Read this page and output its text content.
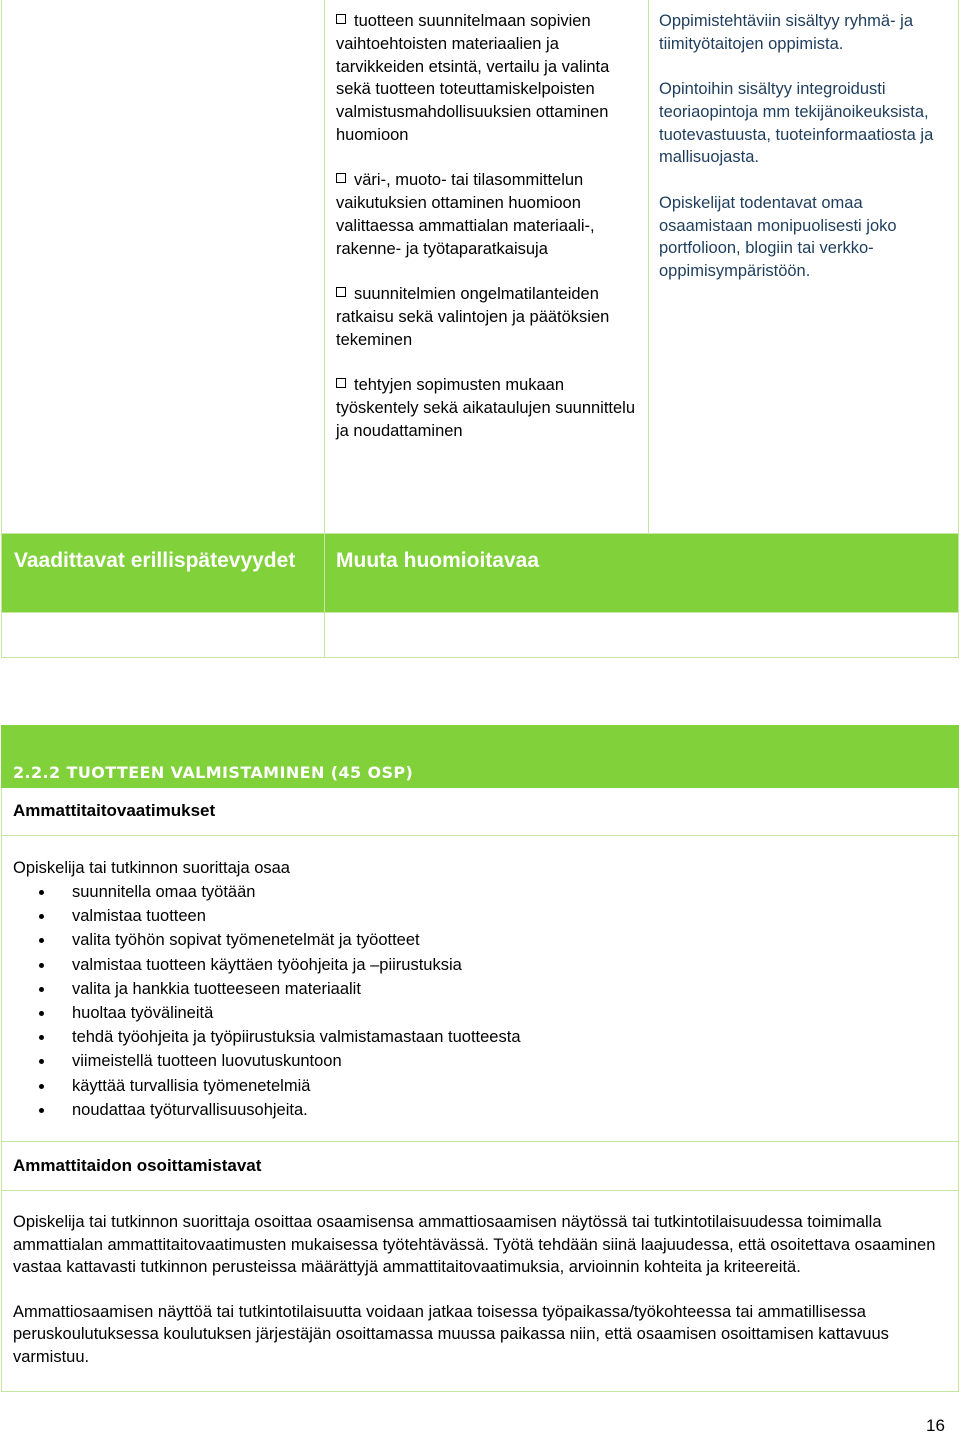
tuotteen suunnitelmaan sopivien vaihtoehtoisten materiaalien ja tarvikkeiden etsintä, vertailu ja valinta sekä tuotteen toteuttamiskelpoisten valmistusmahdollisuuksien ottaminen huomioon

väri-, muoto- tai tilasommittelun vaikutuksien ottaminen huomioon valittaessa ammattialan materiaali-, rakenne- ja työtaparatkaisuja

suunnitelmien ongelmatilanteiden ratkaisu sekä valintojen ja päätöksien tekeminen

tehtyjen sopimusten mukaan työskentely sekä aikataulujen suunnittelu ja noudattaminen

Oppimistehtäviin sisältyy ryhmä- ja tiimityötaitojen oppimista.

Opintoihin sisältyy integroidusti teoriaopintoja mm tekijänoikeuksista, tuotevastuusta, tuoteinformaatiosta ja mallisuojasta.

Opiskelijat todentavat omaa osaamistaan monipuolisesti joko portfolioon, blogiin tai verkko-oppimisympäristöön.

Vaadittavat erillispätevyydet	Muuta huomioitavaa
2.2.2 TUOTTEEN VALMISTAMINEN (45 OSP)
Ammattitaitovaatimukset

Opiskelija tai tutkinnon suorittaja osaa

suunnitella omaa työtään
valmistaa tuotteen
valita työhön sopivat työmenetelmät ja työotteet
valmistaa tuotteen käyttäen työohjeita ja –piirustuksia
valita ja hankkia tuotteeseen materiaalit
huoltaa työvälineitä
tehdä työohjeita ja työpiirustuksia valmistamastaan tuotteesta
viimeistellä tuotteen luovutuskuntoon
käyttää turvallisia työmenetelmiä
noudattaa työturvallisuusohjeita.
Ammattitaidon osoittamistavat

Opiskelija tai tutkinnon suorittaja osoittaa osaamisensa ammattiosaamisen näytössä tai tutkintotilaisuudessa toimimalla ammattialan ammattitaitovaatimusten mukaisessa työtehtävässä. Työtä tehdään siinä laajuudessa, että osoitettava osaaminen vastaa kattavasti tutkinnon perusteissa määrättyjä ammattitaitovaatimuksia, arvioinnin kohteita ja kriteereitä.

Ammattiosaamisen näyttöä tai tutkintotilaisuutta voidaan jatkaa toisessa työpaikassa/työkohteessa tai ammatillisessa peruskoulutuksessa koulutuksen järjestäjän osoittamassa muussa paikassa niin, että osaamisen osoittamisen kattavuus varmistuu.

16
